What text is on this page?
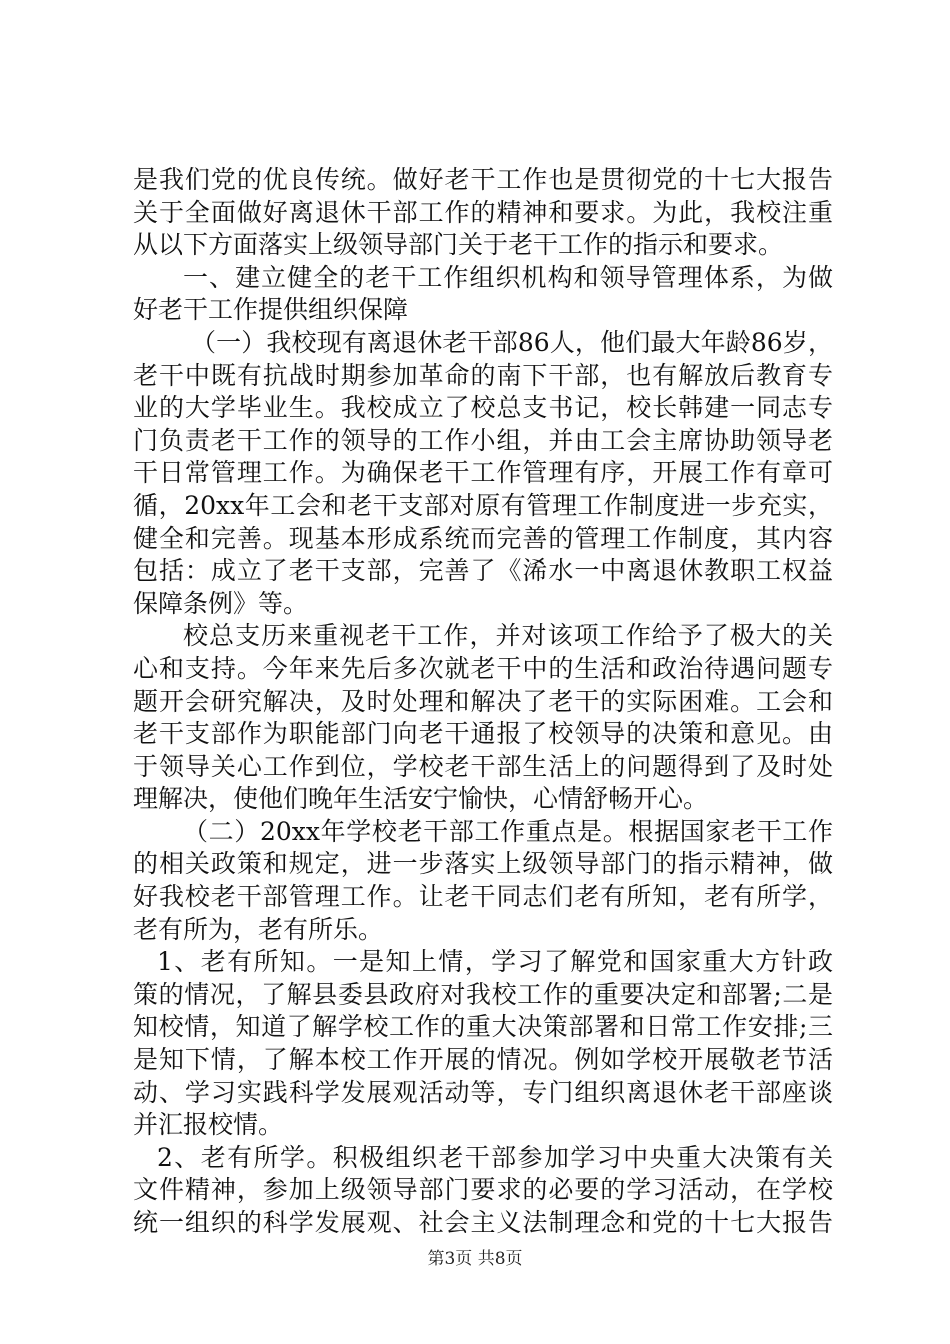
是我们党的优良传统。做好老干工作也是贯彻党的十七大报告
关于全面做好离退休干部工作的精神和要求。为此，我校注重
从以下方面落实上级领导部门关于老干工作的指示和要求。
一、建立健全的老干工作组织机构和领导管理体系，为做
好老干工作提供组织保障
（一）我校现有离退休老干部86人，他们最大年龄86岁，
老干中既有抗战时期参加革命的南下干部，也有解放后教育专
业的大学毕业生。我校成立了校总支书记，校长韩建一同志专
门负责老干工作的领导的工作小组，并由工会主席协助领导老
干日常管理工作。为确保老干工作管理有序，开展工作有章可
循，20xx年工会和老干支部对原有管理工作制度进一步充实，
健全和完善。现基本形成系统而完善的管理工作制度，其内容
包括：成立了老干支部，完善了《浠水一中离退休教职工权益
保障条例》等。
校总支历来重视老干工作，并对该项工作给予了极大的关
心和支持。今年来先后多次就老干中的生活和政治待遇问题专
题开会研究解决，及时处理和解决了老干的实际困难。工会和
老干支部作为职能部门向老干通报了校领导的决策和意见。由
于领导关心工作到位，学校老干部生活上的问题得到了及时处
理解决，使他们晚年生活安宁愉快，心情舒畅开心。
（二）20xx年学校老干部工作重点是。根据国家老干工作
的相关政策和规定，进一步落实上级领导部门的指示精神，做
好我校老干部管理工作。让老干同志们老有所知，老有所学，
老有所为，老有所乐。
1、老有所知。一是知上情，学习了解党和国家重大方针政
策的情况，了解县委县政府对我校工作的重要决定和部署;二是
知校情，知道了解学校工作的重大决策部署和日常工作安排;三
是知下情，了解本校工作开展的情况。例如学校开展敬老节活
动、学习实践科学发展观活动等，专门组织离退休老干部座谈
并汇报校情。
2、老有所学。积极组织老干部参加学习中央重大决策有关
文件精神，参加上级领导部门要求的必要的学习活动，在学校
统一组织的科学发展观、社会主义法制理念和党的十七大报告
第3页 共8页
